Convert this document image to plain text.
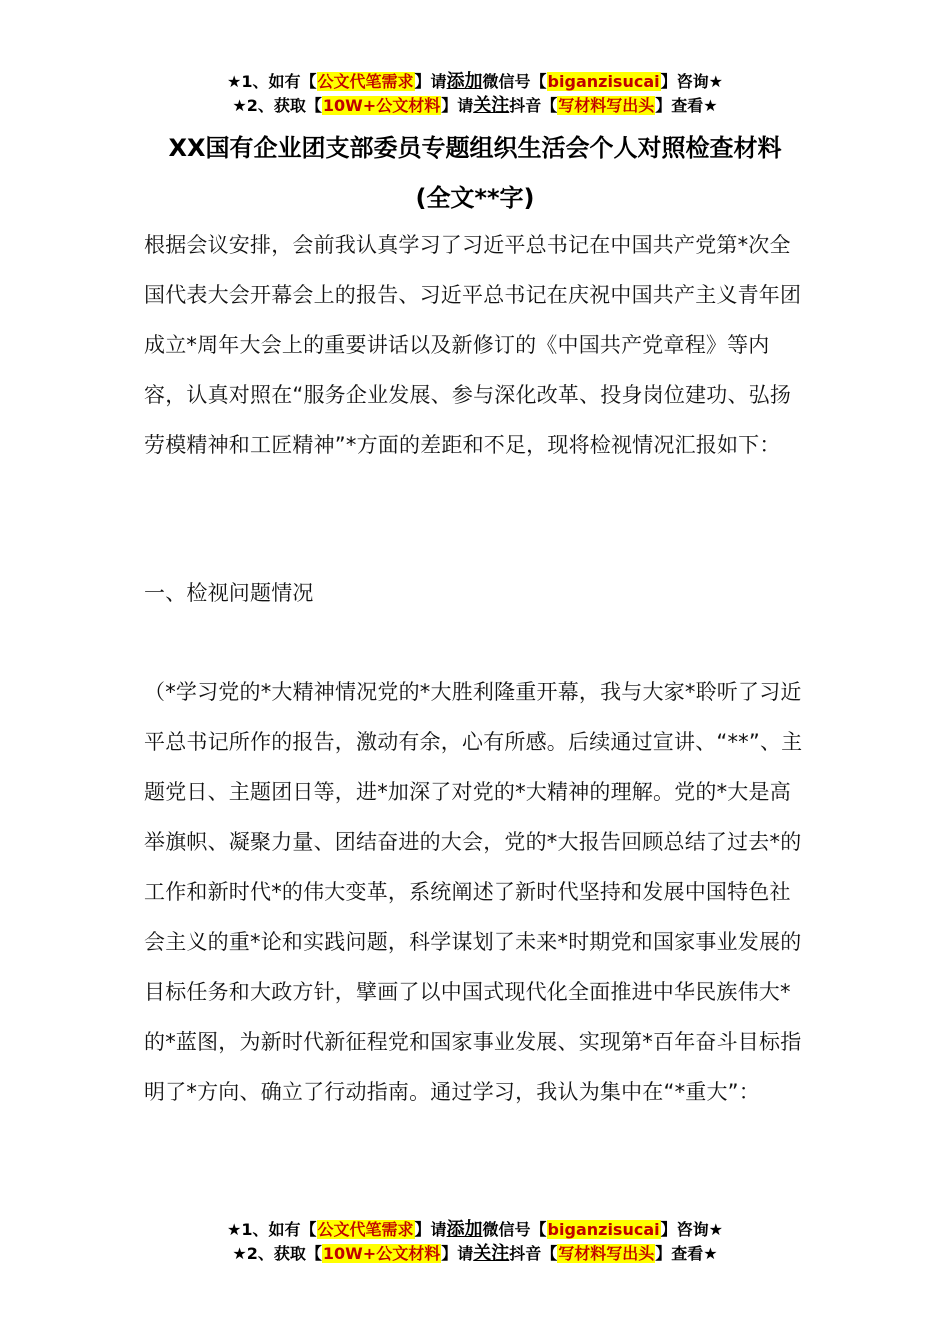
★1、如有【公文代笔需求】请添加微信号【biganzisucai】咨询★
★2、获取【10W+公文材料】请关注抖音【写材料写出头】查看★
XX国有企业团支部委员专题组织生活会个人对照检查材料
(全文**字)

根据会议安排，会前我认真学习了习近平总书记在中国共产党第*次全国代表大会开幕会上的报告、习近平总书记在庆祝中国共产主义青年团成立*周年大会上的重要讲话以及新修订的《中国共产党章程》等内容，认真对照在“服务企业发展、参与深化改革、投身岗位建功、弘扬劳模精神和工匠精神”*方面的差距和不足，现将检视情况汇报如下：

一、检视问题情况

（*学习党的*大精神情况党的*大胜利隆重开幕，我与大家*聆听了习近平总书记所作的报告，激动有余，心有所感。后续通过宣讲、“**”、主题党日、主题团日等，进*加深了对党的*大精神的理解。党的*大是高举旗帜、凝聚力量、团结奋进的大会，党的*大报告回顾总结了过去*的工作和新时代*的伟大变革，系统阐述了新时代坚持和发展中国特色社会主义的重*论和实践问题，科学谋划了未来*时期党和国家事业发展的目标任务和大政方针，擘画了以中国式现代化全面推进中华民族伟大*的*蓝图，为新时代新征程党和国家事业发展、实现第*百年奋斗目标指明了*方向、确立了行动指南。通过学习，我认为集中在“*重大”：

★1、如有【公文代笔需求】请添加微信号【biganzisucai】咨询★
★2、获取【10W+公文材料】请关注抖音【写材料写出头】查看★
